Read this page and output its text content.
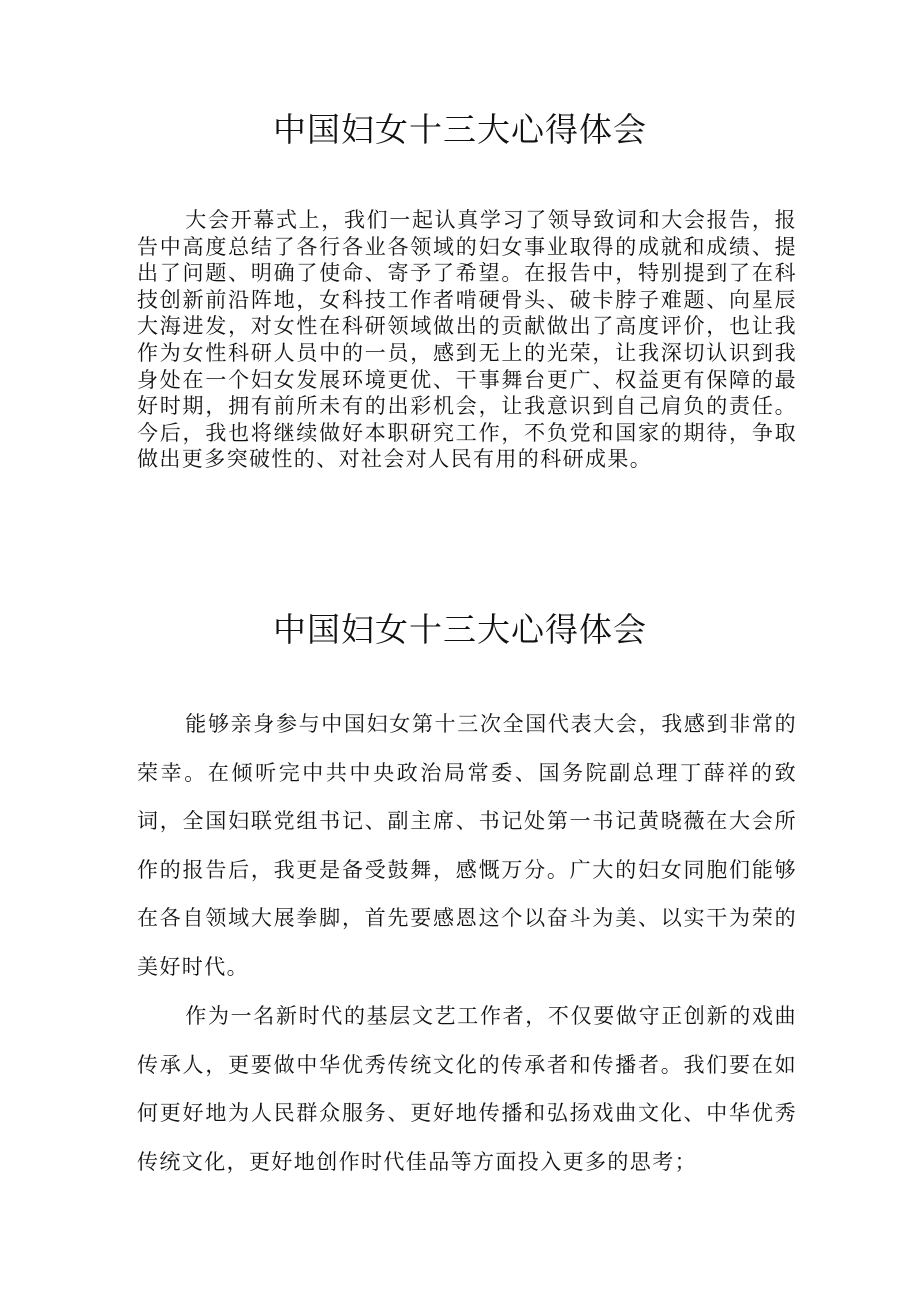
中国妇女十三大心得体会

大会开幕式上，我们一起认真学习了领导致词和大会报告，报告中高度总结了各行各业各领域的妇女事业取得的成就和成绩、提出了问题、明确了使命、寄予了希望。在报告中，特别提到了在科技创新前沿阵地，女科技工作者啃硬骨头、破卡脖子难题、向星辰大海进发，对女性在科研领域做出的贡献做出了高度评价，也让我作为女性科研人员中的一员，感到无上的光荣，让我深切认识到我身处在一个妇女发展环境更优、干事舞台更广、权益更有保障的最好时期，拥有前所未有的出彩机会，让我意识到自己肩负的责任。今后，我也将继续做好本职研究工作，不负党和国家的期待，争取做出更多突破性的、对社会对人民有用的科研成果。

中国妇女十三大心得体会

能够亲身参与中国妇女第十三次全国代表大会，我感到非常的荣幸。在倾听完中共中央政治局常委、国务院副总理丁薛祥的致词，全国妇联党组书记、副主席、书记处第一书记黄晓薇在大会所作的报告后，我更是备受鼓舞，感慨万分。广大的妇女同胞们能够在各自领域大展拳脚，首先要感恩这个以奋斗为美、以实干为荣的美好时代。

作为一名新时代的基层文艺工作者，不仅要做守正创新的戏曲传承人，更要做中华优秀传统文化的传承者和传播者。我们要在如何更好地为人民群众服务、更好地传播和弘扬戏曲文化、中华优秀传统文化，更好地创作时代佳品等方面投入更多的思考；
